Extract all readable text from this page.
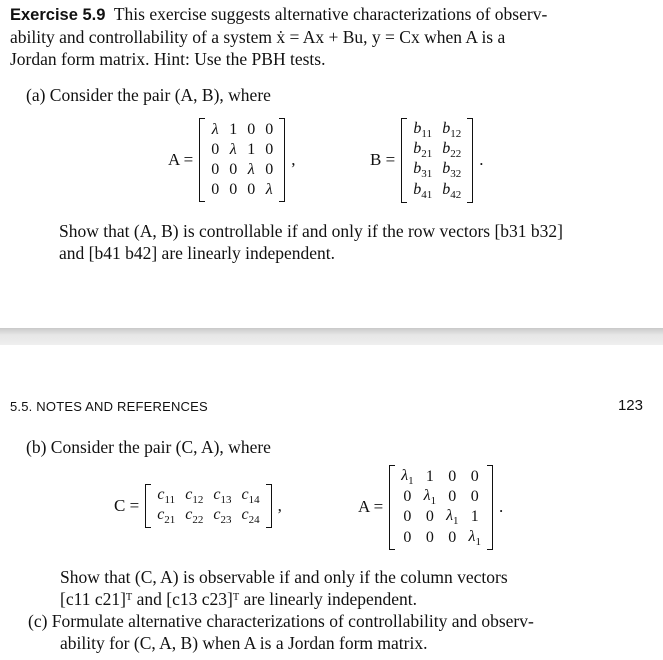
Exercise 5.9 This exercise suggests alternative characterizations of observ-
ability and controllability of a system ẋ = Ax + Bu, y = Cx when A is a
Jordan form matrix. Hint: Use the PBH tests.
(a) Consider the pair (A, B), where
A =
λ	1	0	0
0	λ	1	0
0	0	λ	0
0	0	0	λ
,	B =
$b_{11}$	$b_{12}$
$b_{21}$	$b_{22}$
$b_{31}$	$b_{32}$
$b_{41}$	$b_{42}$
.
Show that (A, B) is controllable if and only if the row vectors [b31 b32]
and [b41 b42] are linearly independent.
5.5. NOTES AND REFERENCES	123
(b) Consider the pair (C, A), where
C =
$c_{11}$	$c_{12}$	$c_{13}$	$c_{14}$
$c_{21}$	$c_{22}$	$c_{23}$	$c_{24}$
,	A =
$\lambda_1$	1	0	0
0	$\lambda_1$	0	0
0	0	$\lambda_1$	1
0	0	0	$\lambda_1$
.
Show that (C, A) is observable if and only if the column vectors
[c11 c21]ᵀ and [c13 c23]ᵀ are linearly independent.
(c) Formulate alternative characterizations of controllability and observ-
ability for (C, A, B) when A is a Jordan form matrix.
